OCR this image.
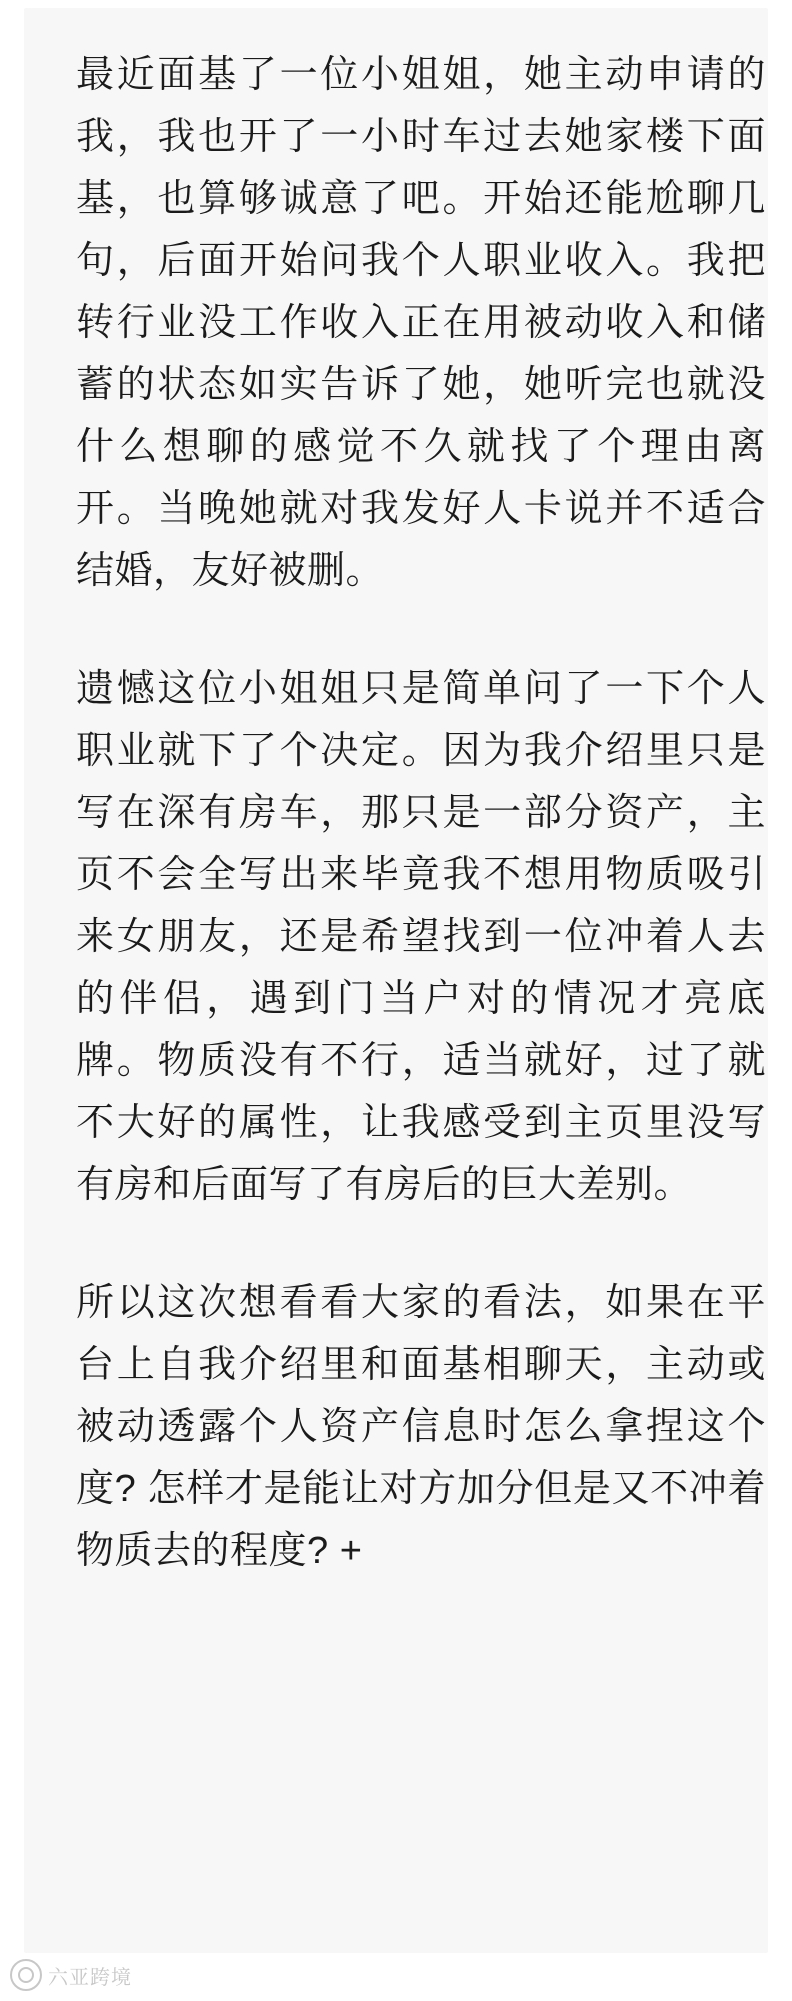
最近面基了一位小姐姐，她主动申请的我，我也开了一小时车过去她家楼下面基，也算够诚意了吧。开始还能尬聊几句，后面开始问我个人职业收入。我把转行业没工作收入正在用被动收入和储蓄的状态如实告诉了她，她听完也就没什么想聊的感觉不久就找了个理由离开。当晚她就对我发好人卡说并不适合结婚，友好被删。

遗憾这位小姐姐只是简单问了一下个人职业就下了个决定。因为我介绍里只是写在深有房车，那只是一部分资产，主页不会全写出来毕竟我不想用物质吸引来女朋友，还是希望找到一位冲着人去的伴侣，遇到门当户对的情况才亮底牌。物质没有不行，适当就好，过了就不大好的属性，让我感受到主页里没写有房和后面写了有房后的巨大差别。

所以这次想看看大家的看法，如果在平台上自我介绍里和面基相聊天，主动或被动透露个人资产信息时怎么拿捏这个度? 怎样才是能让对方加分但是又不冲着物质去的程度? +

六亚跨境
